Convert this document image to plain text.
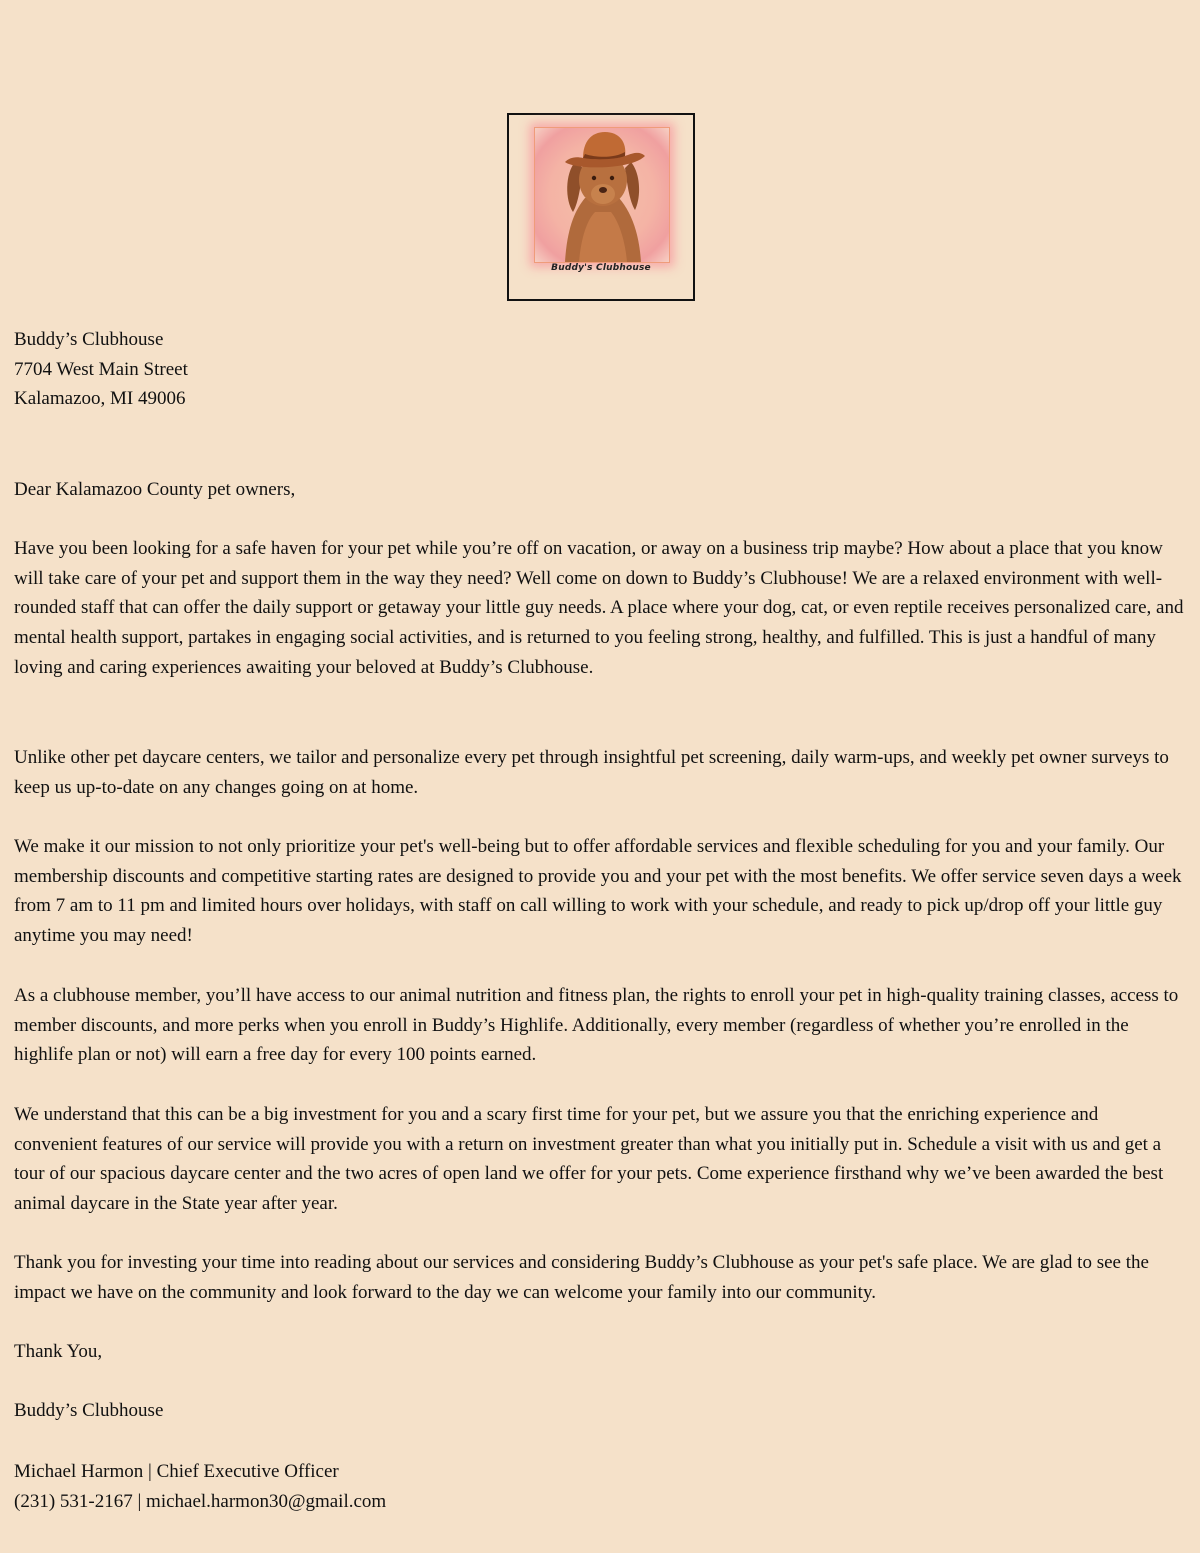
Buddy's Clubhouse
Buddy’s Clubhouse
7704 West Main Street
Kalamazoo, MI 49006

Dear Kalamazoo County pet owners,

Have you been looking for a safe haven for your pet while you’re off on vacation, or away on a business trip maybe? How about a place that you know will take care of your pet and support them in the way they need? Well come on down to Buddy’s Clubhouse! We are a relaxed environment with well-rounded staff that can offer the daily support or getaway your little guy needs. A place where your dog, cat, or even reptile receives personalized care, and mental health support, partakes in engaging social activities, and is returned to you feeling strong, healthy, and fulfilled. This is just a handful of many loving and caring experiences awaiting your beloved at Buddy’s Clubhouse.

Unlike other pet daycare centers, we tailor and personalize every pet through insightful pet screening, daily warm-ups, and weekly pet owner surveys to keep us up-to-date on any changes going on at home.

We make it our mission to not only prioritize your pet's well-being but to offer affordable services and flexible scheduling for you and your family. Our membership discounts and competitive starting rates are designed to provide you and your pet with the most benefits. We offer service seven days a week from 7 am to 11 pm and limited hours over holidays, with staff on call willing to work with your schedule, and ready to pick up/drop off your little guy anytime you may need!

As a clubhouse member, you’ll have access to our animal nutrition and fitness plan, the rights to enroll your pet in high-quality training classes, access to member discounts, and more perks when you enroll in Buddy’s Highlife. Additionally, every member (regardless of whether you’re enrolled in the highlife plan or not) will earn a free day for every 100 points earned.

We understand that this can be a big investment for you and a scary first time for your pet, but we assure you that the enriching experience and convenient features of our service will provide you with a return on investment greater than what you initially put in. Schedule a visit with us and get a tour of our spacious daycare center and the two acres of open land we offer for your pets. Come experience firsthand why we’ve been awarded the best animal daycare in the State year after year.

Thank you for investing your time into reading about our services and considering Buddy’s Clubhouse as your pet's safe place. We are glad to see the impact we have on the community and look forward to the day we can welcome your family into our community.

Thank You,

Buddy’s Clubhouse

Michael Harmon | Chief Executive Officer
(231) 531-2167 | michael.harmon30@gmail.com
